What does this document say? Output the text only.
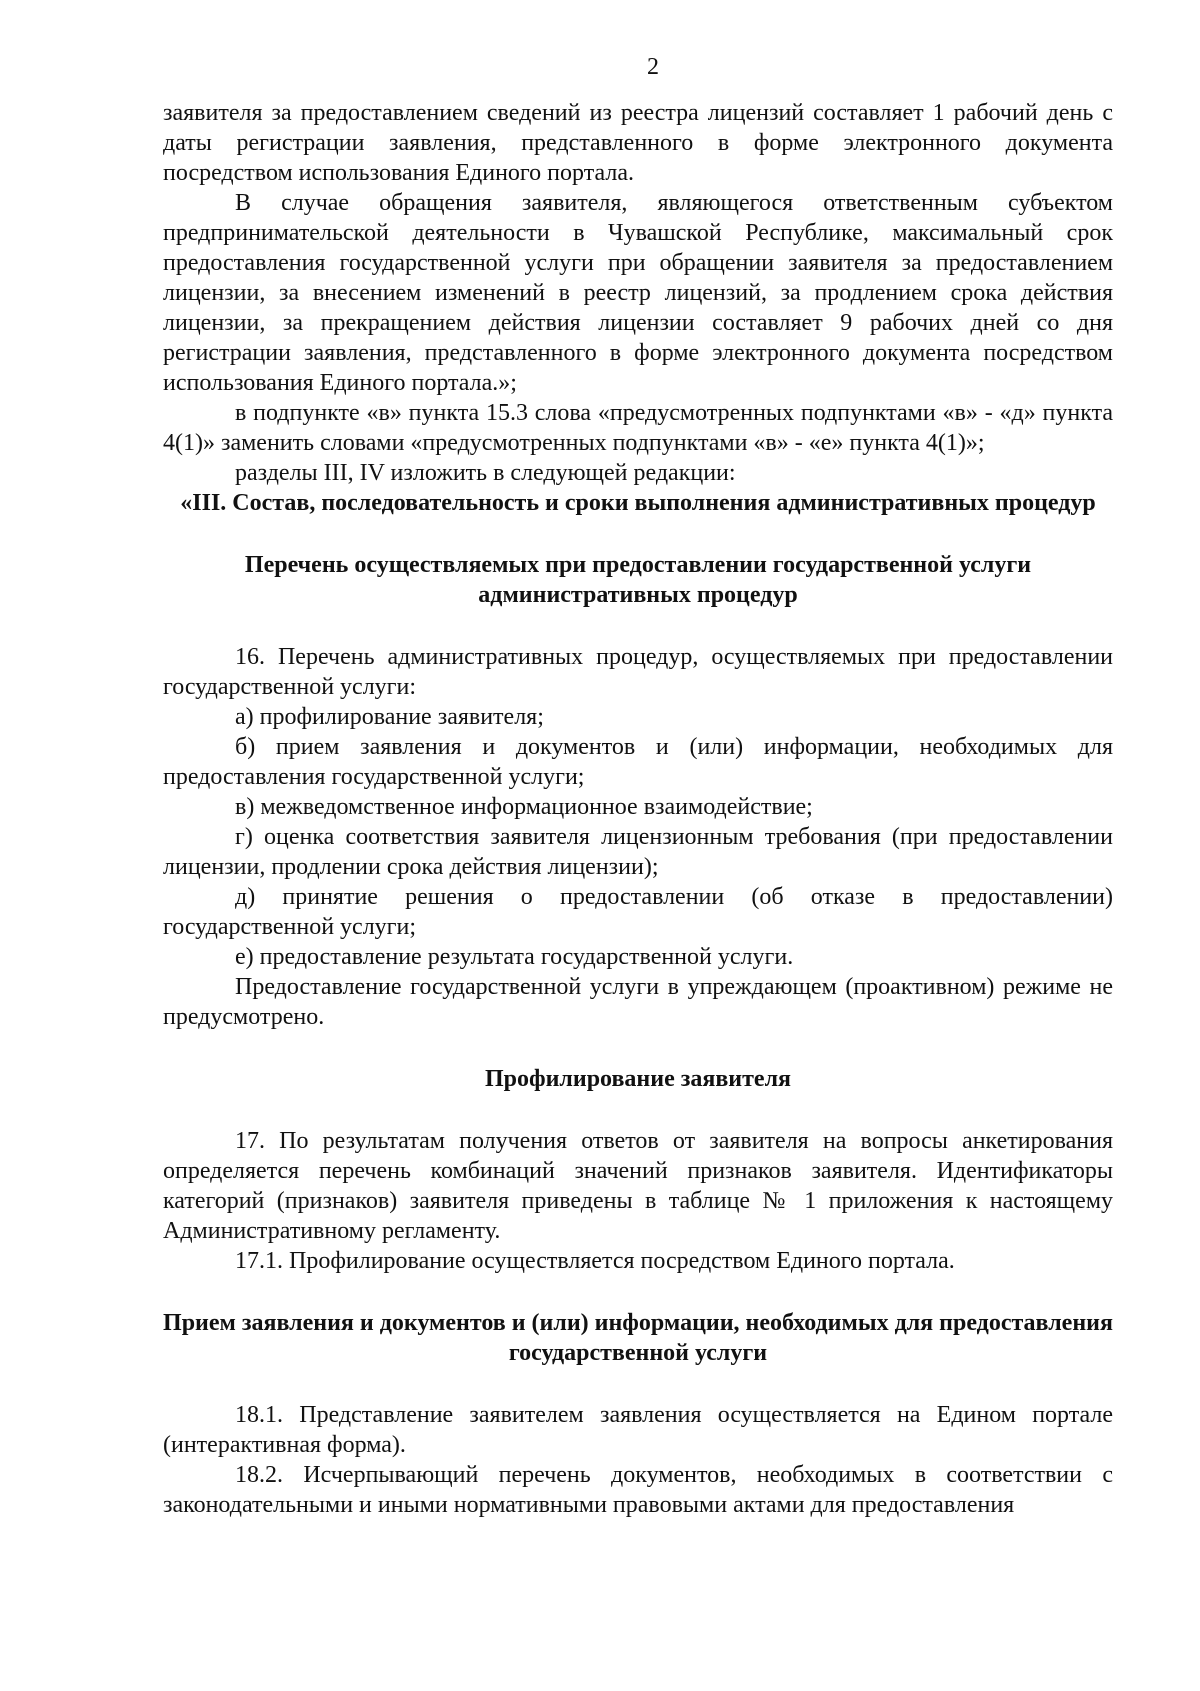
2

заявителя за предоставлением сведений из реестра лицензий составляет 1 рабочий день с даты регистрации заявления, представленного в форме электронного документа посредством использования Единого портала.

В случае обращения заявителя, являющегося ответственным субъектом предпринимательской деятельности в Чувашской Республике, максимальный срок предоставления государственной услуги при обращении заявителя за предоставлением лицензии, за внесением изменений в реестр лицензий, за продлением срока действия лицензии, за прекращением действия лицензии составляет 9 рабочих дней со дня регистрации заявления, представленного в форме электронного документа посредством использования Единого портала.»;

в подпункте «в» пункта 15.3 слова «предусмотренных подпунктами «в» - «д» пункта 4(1)» заменить словами «предусмотренных подпунктами «в» - «е» пункта 4(1)»;

разделы III, IV изложить в следующей редакции:

«III. Состав, последовательность и сроки выполнения административных процедур
Перечень осуществляемых при предоставлении государственной услуги административных процедур

16. Перечень административных процедур, осуществляемых при предоставлении государственной услуги:

а) профилирование заявителя;

б) прием заявления и документов и (или) информации, необходимых для предоставления государственной услуги;

в) межведомственное информационное взаимодействие;

г) оценка соответствия заявителя лицензионным требования (при предоставлении лицензии, продлении срока действия лицензии);

д) принятие решения о предоставлении (об отказе в предоставлении) государственной услуги;

е) предоставление результата государственной услуги.

Предоставление государственной услуги в упреждающем (проактивном) режиме не предусмотрено.

Профилирование заявителя

17. По результатам получения ответов от заявителя на вопросы анкетирования определяется перечень комбинаций значений признаков заявителя. Идентификаторы категорий (признаков) заявителя приведены в таблице № 1 приложения к настоящему Административному регламенту.

17.1. Профилирование осуществляется посредством Единого портала.

Прием заявления и документов и (или) информации, необходимых для предоставления государственной услуги

18.1. Представление заявителем заявления осуществляется на Едином портале (интерактивная форма).

18.2. Исчерпывающий перечень документов, необходимых в соответствии с законодательными и иными нормативными правовыми актами для предоставления
